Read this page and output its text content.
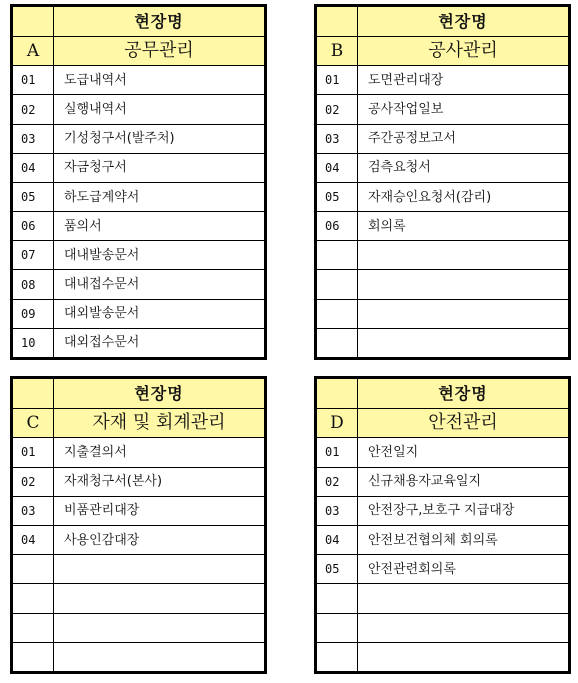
	현장명
A	공무관리
01	도급내역서
02	실행내역서
03	기성청구서(발주처)
04	자금청구서
05	하도급계약서
06	품의서
07	대내발송문서
08	대내접수문서
09	대외발송문서
10	대외접수문서
	현장명
B	공사관리
01	도면관리대장
02	공사작업일보
03	주간공정보고서
04	검측요청서
05	자재승인요청서(감리)
06	회의록

	현장명
C	자재 및 회계관리
01	지출결의서
02	자재청구서(본사)
03	비품관리대장
04	사용인감대장

	현장명
D	안전관리
01	안전일지
02	신규채용자교육일지
03	안전장구,보호구 지급대장
04	안전보건협의체 회의록
05	안전관련회의록
